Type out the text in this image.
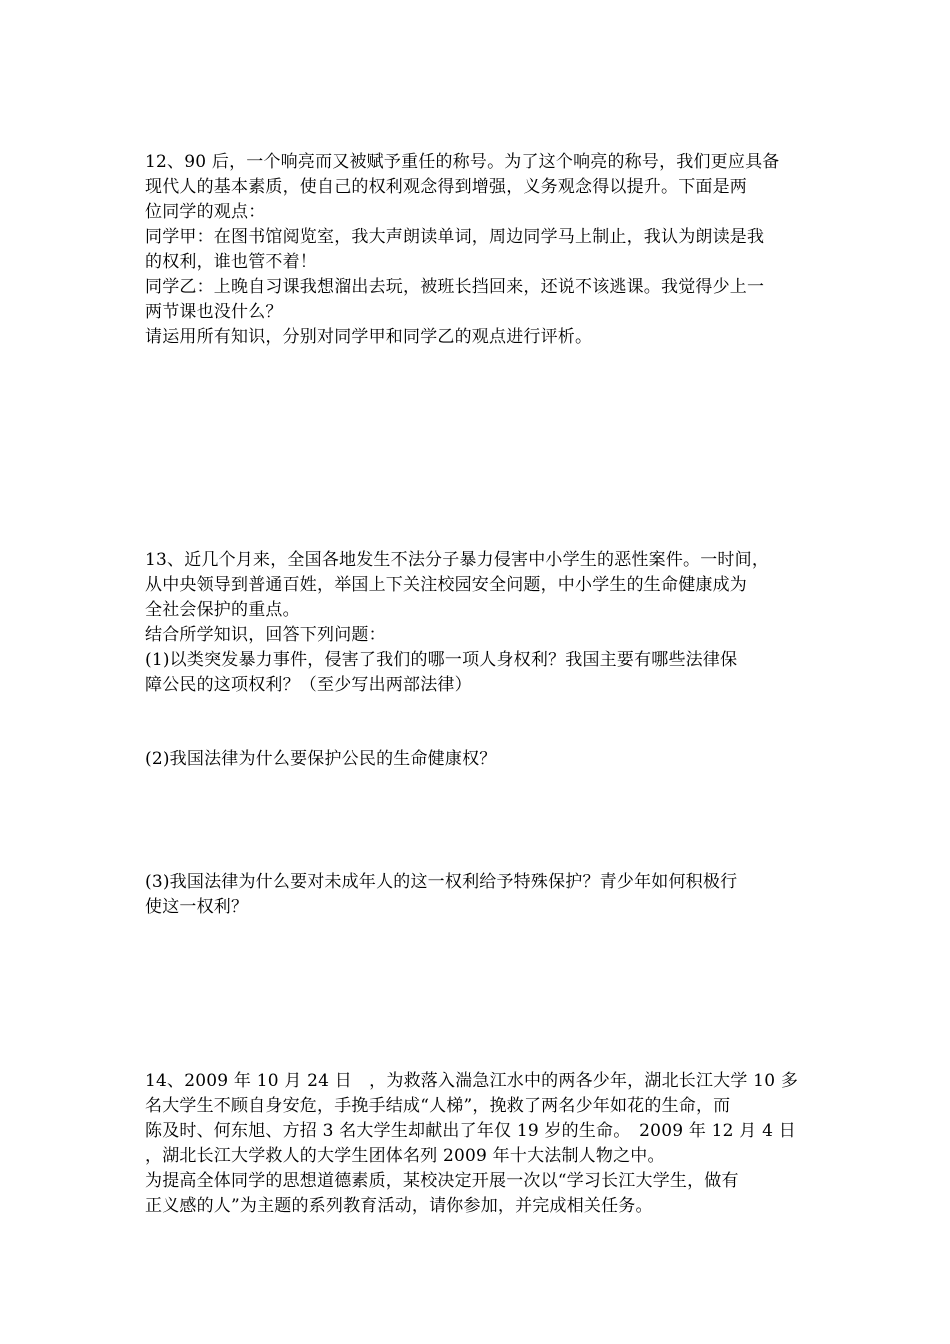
12、90 后，一个响亮而又被赋予重任的称号。为了这个响亮的称号，我们更应具备
现代人的基本素质，使自己的权利观念得到增强，义务观念得以提升。下面是两
位同学的观点：
同学甲：在图书馆阅览室，我大声朗读单词，周边同学马上制止，我认为朗读是我
的权利，谁也管不着！
同学乙：上晚自习课我想溜出去玩，被班长挡回来，还说不该逃课。我觉得少上一
两节课也没什么？
请运用所有知识，分别对同学甲和同学乙的观点进行评析。
13、近几个月来，全国各地发生不法分子暴力侵害中小学生的恶性案件。一时间，
从中央领导到普通百姓，举国上下关注校园安全问题，中小学生的生命健康成为
全社会保护的重点。
结合所学知识，回答下列问题：
(1)以类突发暴力事件，侵害了我们的哪一项人身权利？我国主要有哪些法律保
障公民的这项权利？（至少写出两部法律）
(2)我国法律为什么要保护公民的生命健康权？
(3)我国法律为什么要对未成年人的这一权利给予特殊保护？青少年如何积极行
使这一权利？
14、2009 年 10 月 24 日　，为救落入湍急江水中的两各少年，湖北长江大学 10 多
名大学生不顾自身安危，手挽手结成“人梯”，挽救了两名少年如花的生命，而
陈及时、何东旭、方招 3 名大学生却献出了年仅 19 岁的生命。　2009 年 12 月 4 日
，湖北长江大学救人的大学生团体名列 2009 年十大法制人物之中。
为提高全体同学的思想道德素质，某校决定开展一次以“学习长江大学生，做有
正义感的人”为主题的系列教育活动，请你参加，并完成相关任务。
